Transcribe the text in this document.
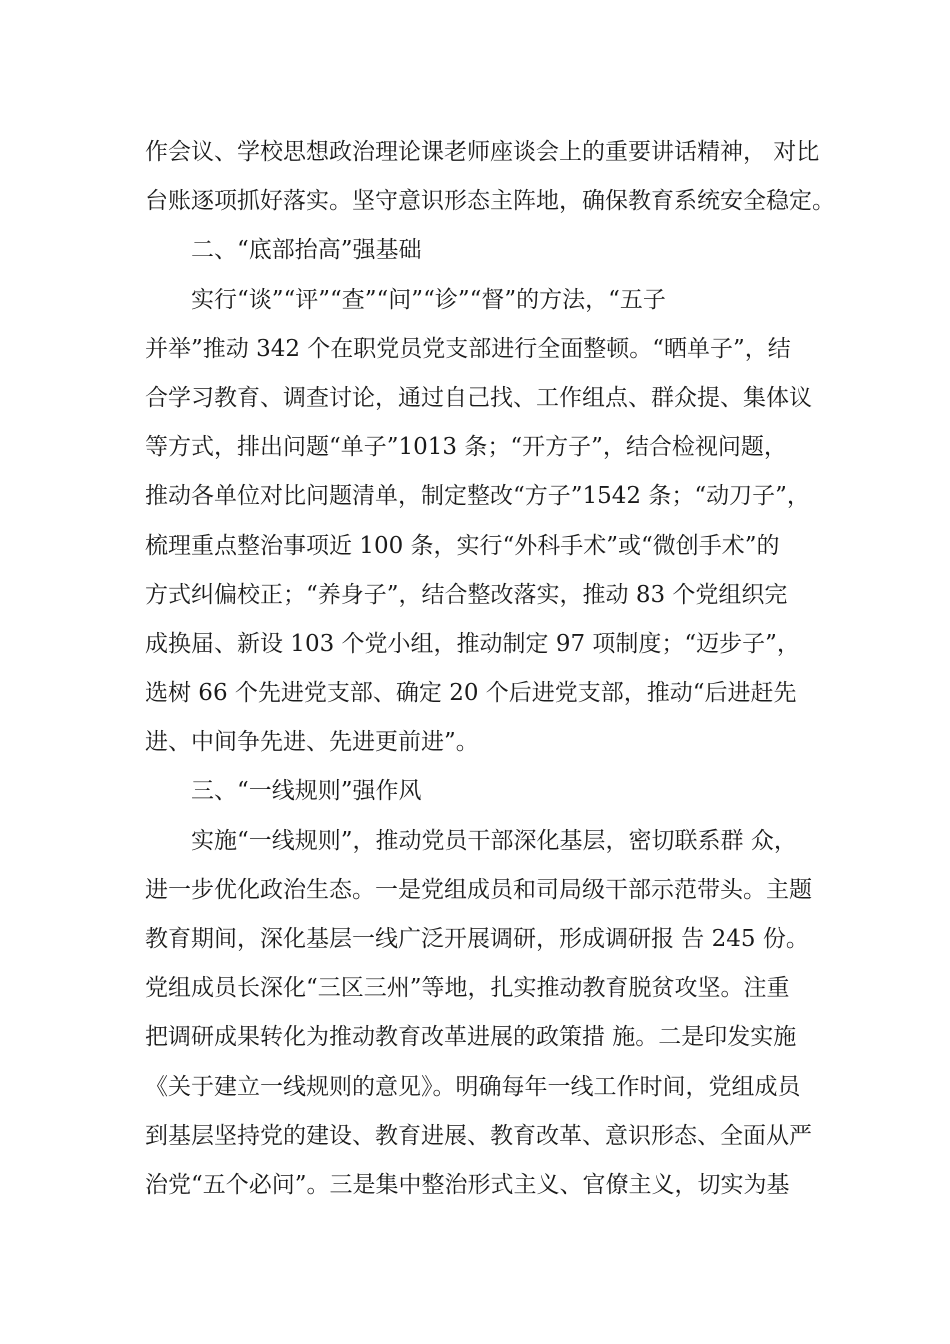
作会议、学校思想政治理论课老师座谈会上的重要讲话精神， 对比
台账逐项抓好落实。坚守意识形态主阵地，确保教育系统安全稳定。
二、“底部抬高”强基础
实行“谈”“评”“查”“问”“诊”“督”的方法，“五子
并举”推动 342 个在职党员党支部进行全面整顿。“晒单子”，结
合学习教育、调查讨论，通过自己找、工作组点、群众提、集体议
等方式，排出问题“单子”1013 条；“开方子”，结合检视问题，
推动各单位对比问题清单，制定整改“方子”1542 条；“动刀子”，
梳理重点整治事项近 100 条，实行“外科手术”或“微创手术”的
方式纠偏校正；“养身子”，结合整改落实，推动 83 个党组织完
成换届、新设 103 个党小组，推动制定 97 项制度；“迈步子”，
选树 66 个先进党支部、确定 20 个后进党支部，推动“后进赶先
进、中间争先进、先进更前进”。
三、“一线规则”强作风
实施“一线规则”，推动党员干部深化基层，密切联系群 众，
进一步优化政治生态。一是党组成员和司局级干部示范带头。主题
教育期间，深化基层一线广泛开展调研，形成调研报 告 245 份。
党组成员长深化“三区三州”等地，扎实推动教育脱贫攻坚。注重
把调研成果转化为推动教育改革进展的政策措 施。二是印发实施
《关于建立一线规则的意见》。明确每年一线工作时间，党组成员
到基层坚持党的建设、教育进展、教育改革、意识形态、全面从严
治党“五个必问”。三是集中整治形式主义、官僚主义，切实为基
